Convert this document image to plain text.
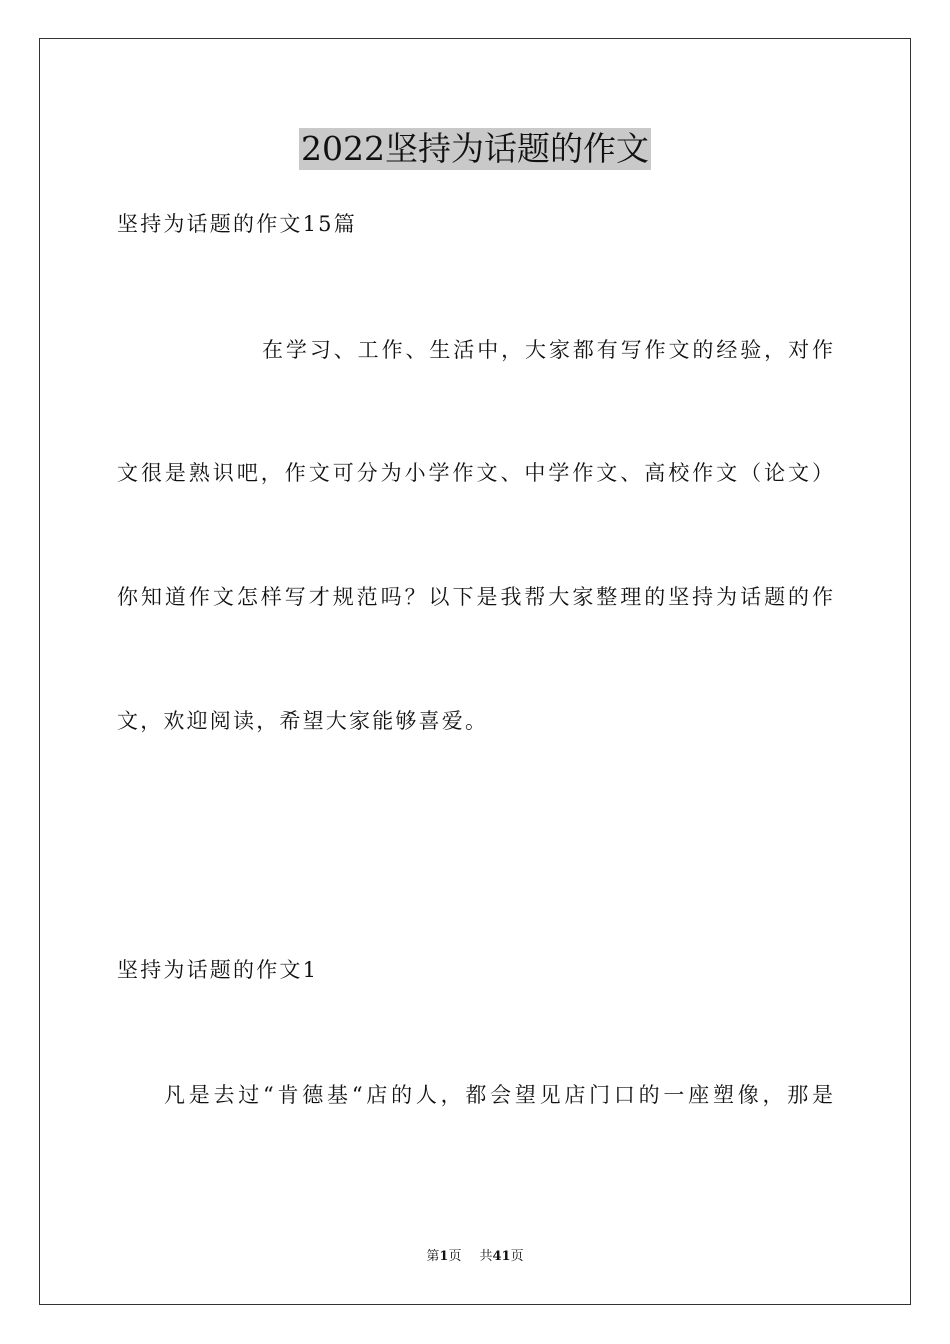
2022坚持为话题的作文
坚持为话题的作文15篇
在学习、工作、生活中，大家都有写作文的经验，对作
文很是熟识吧，作文可分为小学作文、中学作文、高校作文（论文）
你知道作文怎样写才规范吗？以下是我帮大家整理的坚持为话题的作
文，欢迎阅读，希望大家能够喜爱。
坚持为话题的作文1
凡是去过“肯德基“店的人，都会望见店门口的一座塑像，那是
第1页 共41页
